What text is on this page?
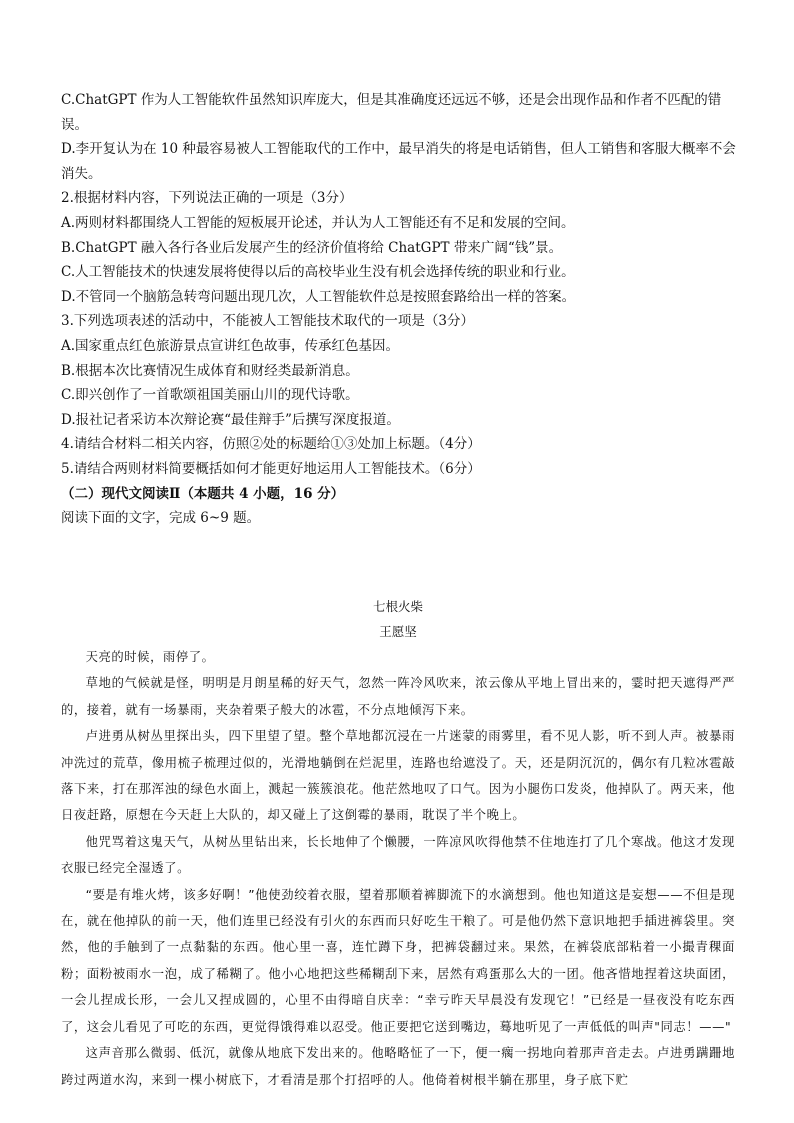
C.ChatGPT 作为人工智能软件虽然知识库庞大，但是其准确度还远远不够，还是会出现作品和作者不匹配的错误。
D.李开复认为在 10 种最容易被人工智能取代的工作中，最早消失的将是电话销售，但人工销售和客服大概率不会消失。
2.根据材料内容，下列说法正确的一项是（3分）
A.两则材料都围绕人工智能的短板展开论述，并认为人工智能还有不足和发展的空间。
B.ChatGPT 融入各行各业后发展产生的经济价值将给 ChatGPT 带来广阔“钱”景。
C.人工智能技术的快速发展将使得以后的高校毕业生没有机会选择传统的职业和行业。
D.不管同一个脑筋急转弯问题出现几次，人工智能软件总是按照套路给出一样的答案。
3.下列选项表述的活动中，不能被人工智能技术取代的一项是（3分）
A.国家重点红色旅游景点宣讲红色故事，传承红色基因。
B.根据本次比赛情况生成体育和财经类最新消息。
C.即兴创作了一首歌颂祖国美丽山川的现代诗歌。
D.报社记者采访本次辩论赛“最佳辩手”后撰写深度报道。
4.请结合材料二相关内容，仿照②处的标题给①③处加上标题。（4分）
5.请结合两则材料简要概括如何才能更好地运用人工智能技术。（6分）
（二）现代文阅读Ⅱ（本题共 4 小题，16 分）
阅读下面的文字，完成 6~9 题。
七根火柴
王愿坚

天亮的时候，雨停了。

草地的气候就是怪，明明是月朗星稀的好天气，忽然一阵冷风吹来，浓云像从平地上冒出来的，霎时把天遮得严严的，接着，就有一场暴雨，夹杂着栗子般大的冰雹，不分点地倾泻下来。

卢进勇从树丛里探出头，四下里望了望。整个草地都沉浸在一片迷蒙的雨雾里，看不见人影，听不到人声。被暴雨冲洗过的荒草，像用梳子梳理过似的，光滑地躺倒在烂泥里，连路也给遮没了。天，还是阴沉沉的，偶尔有几粒冰雹敲落下来，打在那浑浊的绿色水面上，溅起一簇簇浪花。他茫然地叹了口气。因为小腿伤口发炎，他掉队了。两天来，他日夜赶路，原想在今天赶上大队的，却又碰上了这倒霉的暴雨，耽误了半个晚上。

他咒骂着这鬼天气，从树丛里钻出来，长长地伸了个懒腰，一阵凉风吹得他禁不住地连打了几个寒战。他这才发现衣服已经完全湿透了。

“要是有堆火烤，该多好啊！”他使劲绞着衣服，望着那顺着裤脚流下的水滴想到。他也知道这是妄想——不但是现在，就在他掉队的前一天，他们连里已经没有引火的东西而只好吃生干粮了。可是他仍然下意识地把手插进裤袋里。突然，他的手触到了一点黏黏的东西。他心里一喜，连忙蹲下身，把裤袋翻过来。果然，在裤袋底部粘着一小撮青稞面粉；面粉被雨水一泡，成了稀糊了。他小心地把这些稀糊刮下来，居然有鸡蛋那么大的一团。他吝惜地捏着这块面团，一会儿捏成长形，一会儿又捏成圆的，心里不由得暗自庆幸：“幸亏昨天早晨没有发现它！”已经是一昼夜没有吃东西了，这会儿看见了可吃的东西，更觉得饿得难以忍受。他正要把它送到嘴边，蓦地听见了一声低低的叫声"同志！——"

这声音那么微弱、低沉，就像从地底下发出来的。他略略怔了一下，便一瘸一拐地向着那声音走去。卢进勇蹒跚地跨过两道水沟，来到一棵小树底下，才看清是那个打招呼的人。他倚着树根半躺在那里，身子底下贮
